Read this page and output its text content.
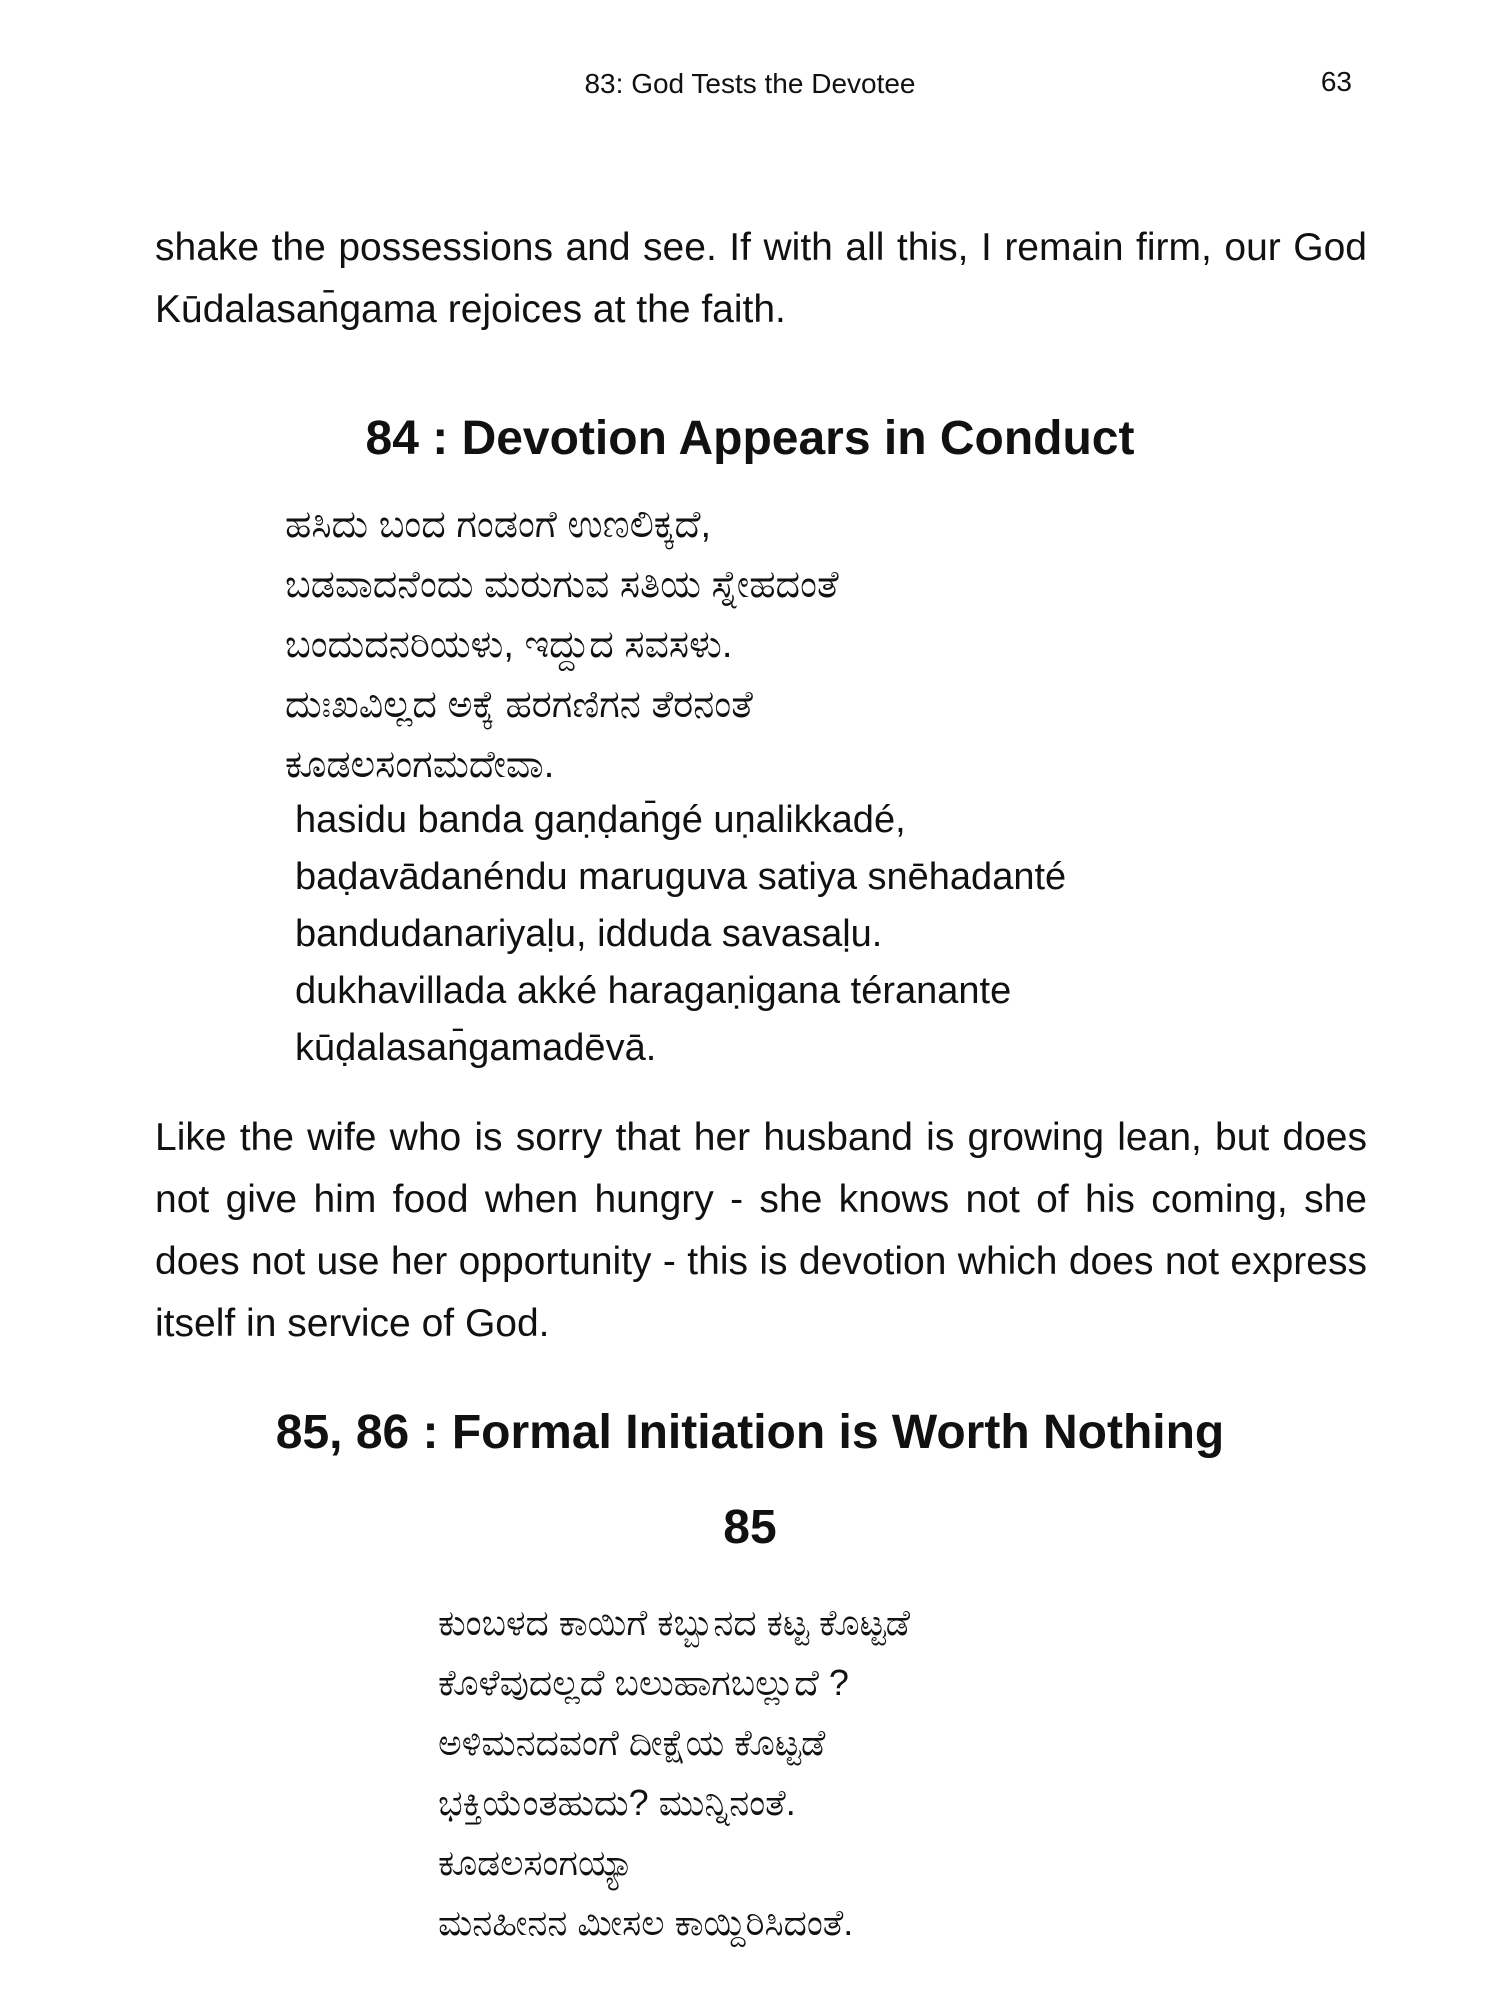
83: God Tests the Devotee	63

shake the possessions and see. If with all this, I remain firm, our God Kūdalasan̄gama rejoices at the faith.

84 : Devotion Appears in Conduct
ಹಸಿದು ಬಂದ ಗಂಡಂಗೆ ಉಣಲಿಕ್ಕದೆ,
ಬಡವಾದನೆಂದು ಮರುಗುವ ಸತಿಯ ಸ್ನೇಹದಂತೆ
ಬಂದುದನರಿಯಳು, ಇದ್ದುದ ಸವಸಳು.
ದುಃಖವಿಲ್ಲದ ಅಕ್ಕೆ ಹರಗಣಿಗನ ತೆರನಂತೆ
ಕೂಡಲಸಂಗಮದೇವಾ.
hasidu banda gaṇḍan̄gé uṇalikkadé,
baḍavādanéndu maruguva satiya snēhadanté
bandudanariyaḷu, idduda savasaḷu.
dukhavillada akké haragaṇigana téranante
kūḍalasan̄gamadēvā.

Like the wife who is sorry that her husband is growing lean, but does not give him food when hungry - she knows not of his coming, she does not use her opportunity - this is devotion which does not express itself in service of God.

85, 86 : Formal Initiation is Worth Nothing
85
ಕುಂಬಳದ ಕಾಯಿಗೆ ಕಬ್ಬುನದ ಕಟ್ಟ ಕೊಟ್ಟಡೆ
ಕೊಳೆವುದಲ್ಲದೆ ಬಲುಹಾಗಬಲ್ಲುದೆ ?
ಅಳಿಮನದವಂಗೆ ದೀಕ್ಷೆಯ ಕೊಟ್ಟಡೆ
ಭಕ್ತಿಯೆಂತಹುದು? ಮುನ್ನಿನಂತೆ.
ಕೂಡಲಸಂಗಯ್ಯಾ
ಮನಹೀನನ ಮೀಸಲ ಕಾಯ್ದಿರಿಸಿದಂತೆ.
